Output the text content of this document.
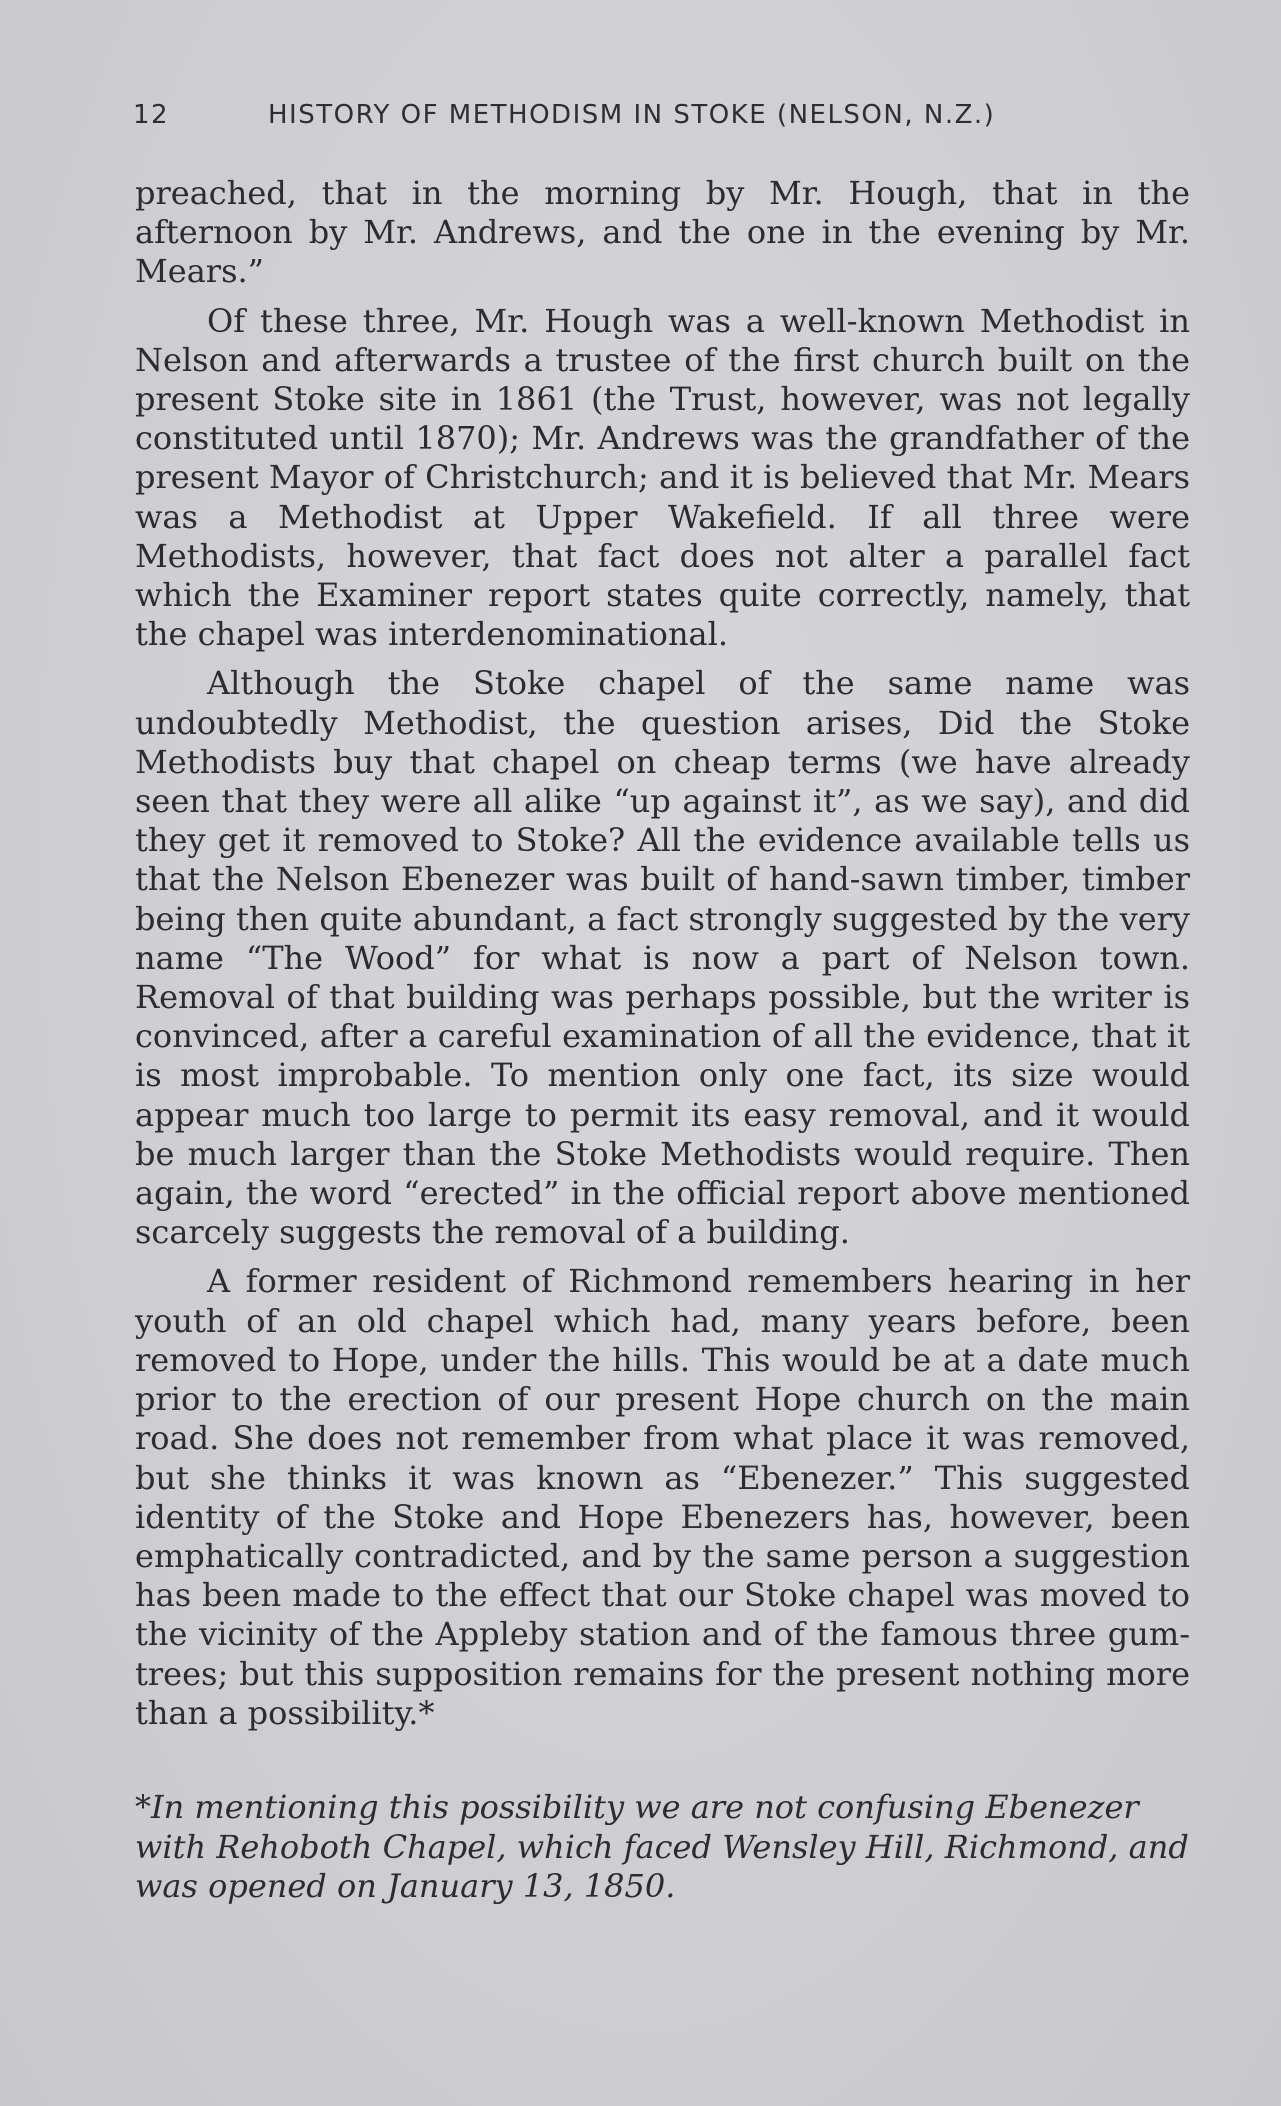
12	HISTORY OF METHODISM IN STOKE (NELSON, N.Z.)

preached, that in the morning by Mr. Hough, that in the afternoon by Mr. Andrews, and the one in the evening by Mr. Mears.”

Of these three, Mr. Hough was a well-known Methodist in Nelson and afterwards a trustee of the first church built on the present Stoke site in 1861 (the Trust, however, was not legally constituted until 1870); Mr. Andrews was the grandfather of the present Mayor of Christchurch; and it is believed that Mr. Mears was a Methodist at Upper Wakefield. If all three were Methodists, however, that fact does not alter a parallel fact which the Examiner report states quite correctly, namely, that the chapel was interdenominational.

Although the Stoke chapel of the same name was undoubtedly Methodist, the question arises, Did the Stoke Methodists buy that chapel on cheap terms (we have already seen that they were all alike “up against it”, as we say), and did they get it removed to Stoke? All the evidence available tells us that the Nelson Ebenezer was built of hand-sawn timber, timber being then quite abundant, a fact strongly suggested by the very name “The Wood” for what is now a part of Nelson town. Removal of that building was perhaps possible, but the writer is convinced, after a careful examination of all the evidence, that it is most improbable. To mention only one fact, its size would appear much too large to permit its easy removal, and it would be much larger than the Stoke Methodists would require. Then again, the word “erected” in the official report above mentioned scarcely suggests the removal of a building.

A former resident of Richmond remembers hearing in her youth of an old chapel which had, many years before, been removed to Hope, under the hills. This would be at a date much prior to the erection of our present Hope church on the main road. She does not remember from what place it was removed, but she thinks it was known as “Ebenezer.” This suggested identity of the Stoke and Hope Ebenezers has, however, been emphatically contradicted, and by the same person a suggestion has been made to the effect that our Stoke chapel was moved to the vicinity of the Appleby station and of the famous three gum-trees; but this supposition remains for the present nothing more than a possibility.*

*In mentioning this possibility we are not confusing Ebenezer with Rehoboth Chapel, which faced Wensley Hill, Richmond, and was opened on January 13, 1850.
